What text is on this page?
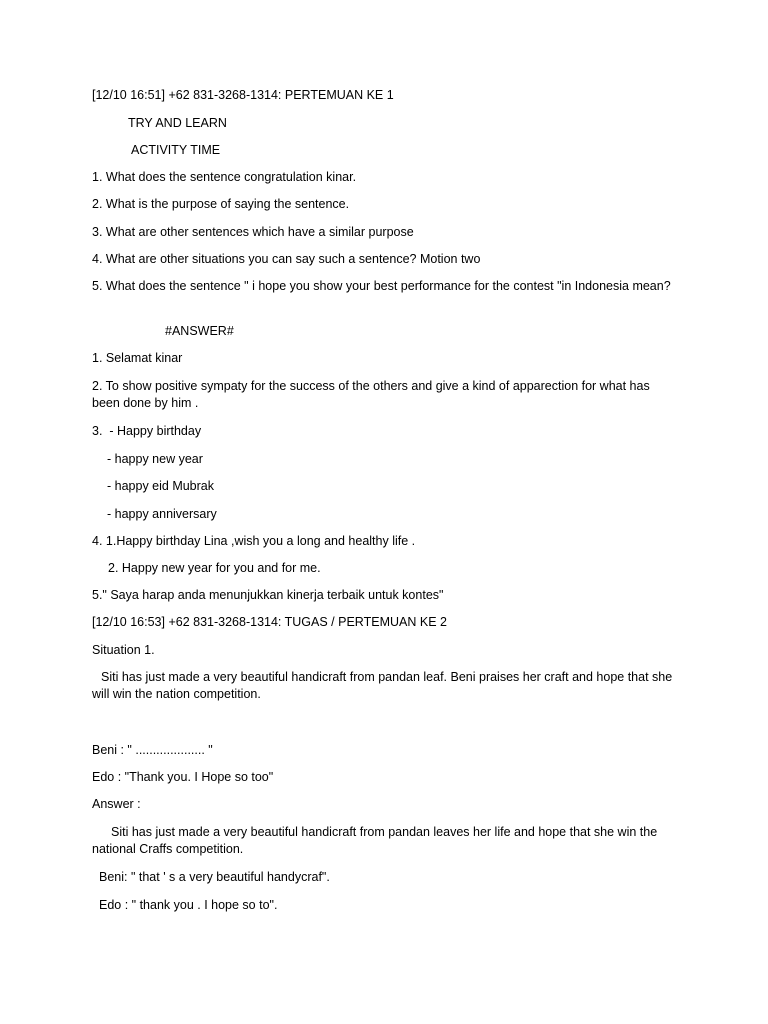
[12/10 16:51] +62 831-3268-1314: PERTEMUAN KE 1

TRY AND LEARN

ACTIVITY TIME

1. What does the sentence congratulation kinar.

2. What is the purpose of saying the sentence.

3. What are other sentences which have a similar purpose

4. What are other situations you can say such a sentence? Motion two

5. What does the sentence " i hope you show your best performance for the contest "in Indonesia mean?

#ANSWER#

1. Selamat kinar

2. To show positive sympaty for the success of the others and give a kind of apparection for what has been done by him .

3.  - Happy birthday

- happy new year

- happy eid Mubrak

- happy anniversary

4. 1.Happy birthday Lina ,wish you a long and healthy life .

2. Happy new year for you and for me.

5." Saya harap anda menunjukkan kinerja terbaik untuk kontes"

[12/10 16:53] +62 831-3268-1314: TUGAS / PERTEMUAN KE 2

Situation 1.

Siti has just made a very beautiful handicraft from pandan leaf. Beni praises her craft and hope that she will win the nation competition.

Beni : " .................... "

Edo : "Thank you. I Hope so too"

Answer :

Siti has just made a very beautiful handicraft from pandan leaves her life and hope that she win the national Craffs competition.

Beni: " that ' s a very beautiful handycraf".

Edo : " thank you . I hope so to".
